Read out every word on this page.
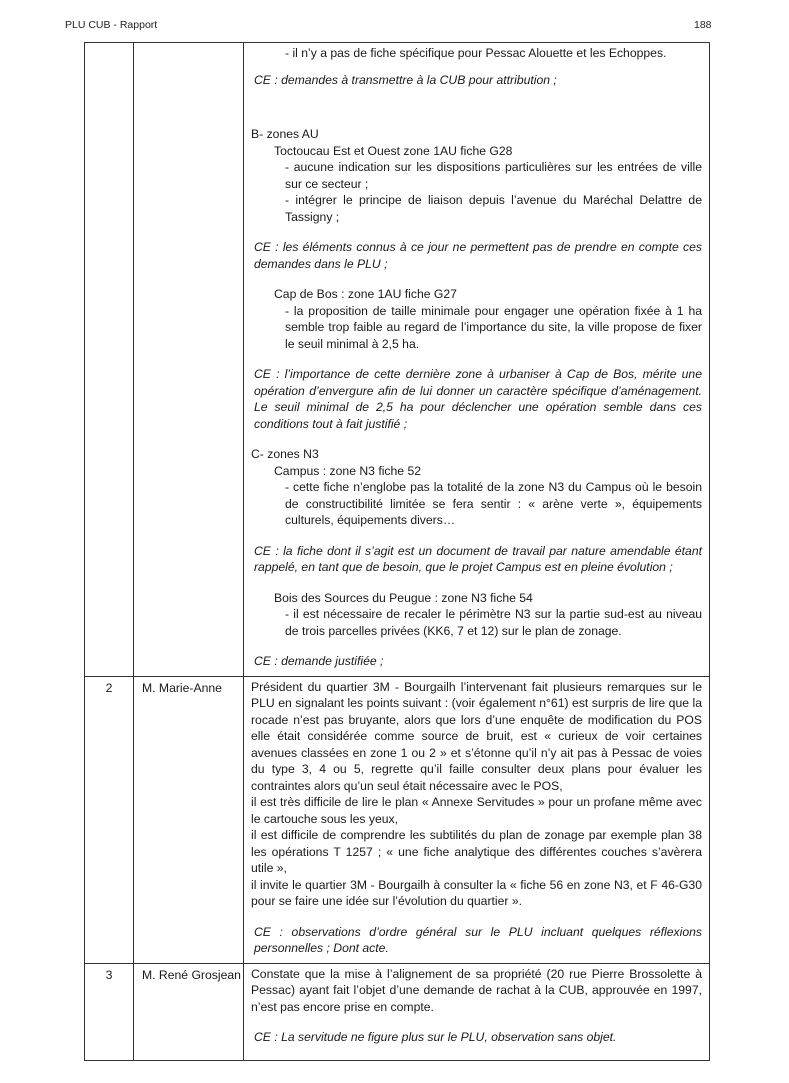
PLU CUB - Rapport	188

- il n’y a pas de fiche spécifique pour Pessac Alouette et les Echoppes.

CE : demandes à transmettre à la CUB pour attribution ;

B- zones AU

Toctoucau Est et Ouest zone 1AU fiche G28

- aucune indication sur les dispositions particulières sur les entrées de ville sur ce secteur ;

- intégrer le principe de liaison depuis l’avenue du Maréchal Delattre de Tassigny ;

CE : les éléments connus à ce jour ne permettent pas de prendre en compte ces demandes dans le PLU ;

Cap de Bos : zone 1AU fiche G27

- la proposition de taille minimale pour engager une opération fixée à 1 ha semble trop faible au regard de l’importance du site, la ville propose de fixer le seuil minimal à 2,5 ha.

CE : l’importance de cette dernière zone à urbaniser à Cap de Bos, mérite une opération d’envergure afin de lui donner un caractère spécifique d’aménagement. Le seuil minimal de 2,5 ha pour déclencher une opération semble dans ces conditions tout à fait justifié ;

C- zones N3

Campus : zone N3 fiche 52

- cette fiche n’englobe pas la totalité de la zone N3 du Campus où le besoin de constructibilité limitée se fera sentir : « arène verte », équipements culturels, équipements divers…

CE : la fiche dont il s’agit est un document de travail par nature amendable étant rappelé, en tant que de besoin, que le projet Campus est en pleine évolution ;

Bois des Sources du Peugue : zone N3 fiche 54

- il est nécessaire de recaler le périmètre N3 sur la partie sud-est au niveau de trois parcelles privées (KK6, 7 et 12) sur le plan de zonage.

CE : demande justifiée ;

2	M. Marie-Anne	Président du quartier 3M - Bourgailh l’intervenant fait plusieurs remarques sur le PLU en signalant les points suivant : (voir également n°61) est surpris de lire que la rocade n’est pas bruyante, alors que lors d’une enquête de modification du POS elle était considérée comme source de bruit, est « curieux de voir certaines avenues classées en zone 1 ou 2 » et s’étonne qu’il n’y ait pas à Pessac de voies du type 3, 4 ou 5, regrette qu’il faille consulter deux plans pour évaluer les contraintes alors qu’un seul était nécessaire avec le POS,

il est très difficile de lire le plan « Annexe Servitudes » pour un profane même avec le cartouche sous les yeux,

il est difficile de comprendre les subtilités du plan de zonage par exemple plan 38 les opérations T 1257 ; « une fiche analytique des différentes couches s’avèrera utile »,

il invite le quartier 3M - Bourgailh à consulter la « fiche 56 en zone N3, et F 46-G30 pour se faire une idée sur l’évolution du quartier ».

CE : observations d’ordre général sur le PLU incluant quelques réflexions personnelles ; Dont acte.

3	M. René Grosjean	Constate que la mise à l’alignement de sa propriété (20 rue Pierre Brossolette à Pessac) ayant fait l’objet d’une demande de rachat à la CUB, approuvée en 1997, n’est pas encore prise en compte.

CE : La servitude ne figure plus sur le PLU, observation sans objet.
